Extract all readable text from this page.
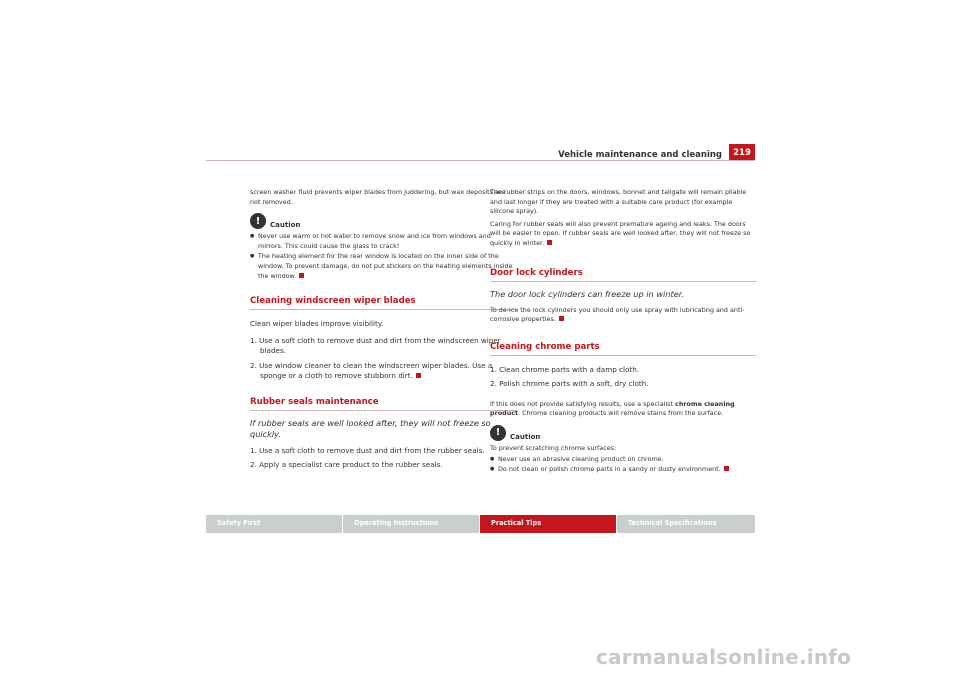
Vehicle maintenance and cleaning	219

screen washer fluid prevents wiper blades from juddering, but wax deposits are not removed.

!	Caution

● Never use warm or hot water to remove snow and ice from windows and mirrors. This could cause the glass to crack!

● The heating element for the rear window is located on the inner side of the window. To prevent damage, do not put stickers on the heating elements inside the window.

Cleaning windscreen wiper blades

Clean wiper blades improve visibility.

1. Use a soft cloth to remove dust and dirt from the windscreen wiper blades.

2. Use window cleaner to clean the windscreen wiper blades. Use a sponge or a cloth to remove stubborn dirt.

Rubber seals maintenance

If rubber seals are well looked after, they will not freeze so quickly.

1. Use a soft cloth to remove dust and dirt from the rubber seals.

2. Apply a specialist care product to the rubber seals.

The rubber strips on the doors, windows, bonnet and tailgate will remain pliable and last longer if they are treated with a suitable care product (for example silicone spray).

Caring for rubber seals will also prevent premature ageing and leaks. The doors will be easier to open. If rubber seals are well looked after, they will not freeze so quickly in winter.

Door lock cylinders

The door lock cylinders can freeze up in winter.

To de-ice the lock cylinders you should only use spray with lubricating and anti-corrosive properties.

Cleaning chrome parts

1. Clean chrome parts with a damp cloth.

2. Polish chrome parts with a soft, dry cloth.

If this does not provide satisfying results, use a specialist chrome cleaning product. Chrome cleaning products will remove stains from the surface.

!	Caution

To prevent scratching chrome surfaces:

● Never use an abrasive cleaning product on chrome.

● Do not clean or polish chrome parts in a sandy or dusty environment.

Safety First	Operating Instructions	Practical Tips	Technical Specifications
carmanualsonline.info
